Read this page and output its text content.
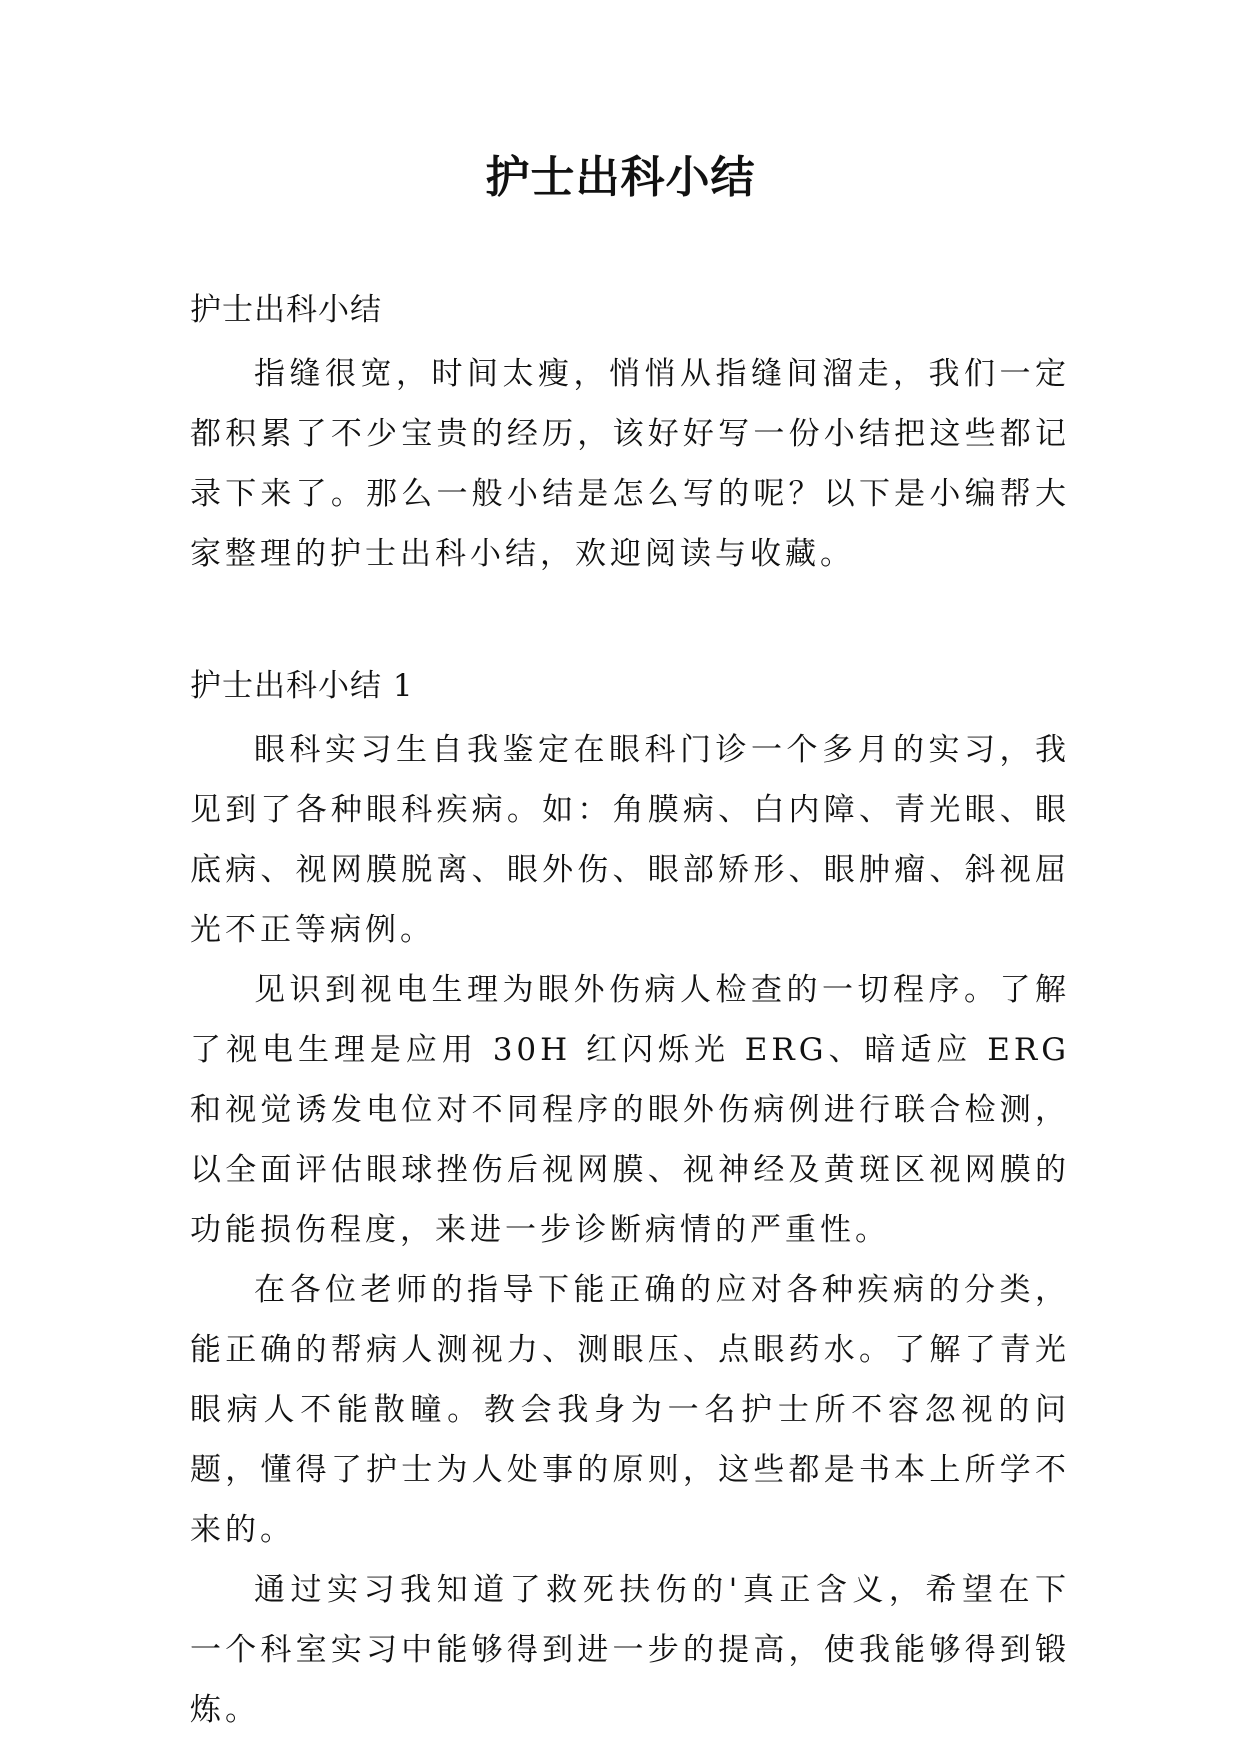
护士出科小结

护士出科小结

指缝很宽，时间太瘦，悄悄从指缝间溜走，我们一定都积累了不少宝贵的经历，该好好写一份小结把这些都记录下来了。那么一般小结是怎么写的呢？以下是小编帮大家整理的护士出科小结，欢迎阅读与收藏。

护士出科小结 1

眼科实习生自我鉴定在眼科门诊一个多月的实习，我见到了各种眼科疾病。如：角膜病、白内障、青光眼、眼底病、视网膜脱离、眼外伤、眼部矫形、眼肿瘤、斜视屈光不正等病例。

见识到视电生理为眼外伤病人检查的一切程序。了解了视电生理是应用 30H 红闪烁光 ERG、暗适应 ERG 和视觉诱发电位对不同程序的眼外伤病例进行联合检测，以全面评估眼球挫伤后视网膜、视神经及黄斑区视网膜的功能损伤程度，来进一步诊断病情的严重性。

在各位老师的指导下能正确的应对各种疾病的分类，能正确的帮病人测视力、测眼压、点眼药水。了解了青光眼病人不能散瞳。教会我身为一名护士所不容忽视的问题，懂得了护士为人处事的原则，这些都是书本上所学不来的。

通过实习我知道了救死扶伤的'真正含义，希望在下一个科室实习中能够得到进一步的提高，使我能够得到锻炼。
